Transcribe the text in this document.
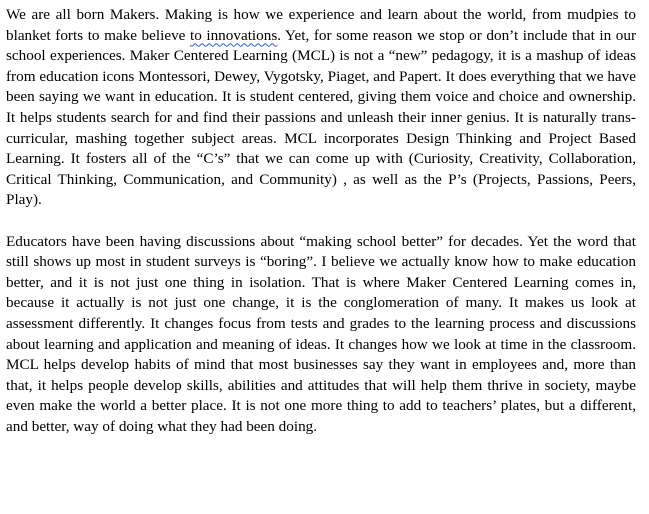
We are all born Makers. Making is how we experience and learn about the world, from mudpies to blanket forts to make believe to innovations. Yet, for some reason we stop or don’t include that in our school experiences. Maker Centered Learning (MCL) is not a “new” pedagogy, it is a mashup of ideas from education icons Montessori, Dewey, Vygotsky, Piaget, and Papert. It does everything that we have been saying we want in education. It is student centered, giving them voice and choice and ownership. It helps students search for and find their passions and unleash their inner genius. It is naturally trans-curricular, mashing together subject areas. MCL incorporates Design Thinking and Project Based Learning. It fosters all of the “C’s” that we can come up with (Curiosity, Creativity, Collaboration, Critical Thinking, Communication, and Community) , as well as the P’s (Projects, Passions, Peers, Play).

Educators have been having discussions about “making school better” for decades. Yet the word that still shows up most in student surveys is “boring”. I believe we actually know how to make education better, and it is not just one thing in isolation. That is where Maker Centered Learning comes in, because it actually is not just one change, it is the conglomeration of many. It makes us look at assessment differently. It changes focus from tests and grades to the learning process and discussions about learning and application and meaning of ideas. It changes how we look at time in the classroom. MCL helps develop habits of mind that most businesses say they want in employees and, more than that, it helps people develop skills, abilities and attitudes that will help them thrive in society, maybe even make the world a better place. It is not one more thing to add to teachers’ plates, but a different, and better, way of doing what they had been doing.
